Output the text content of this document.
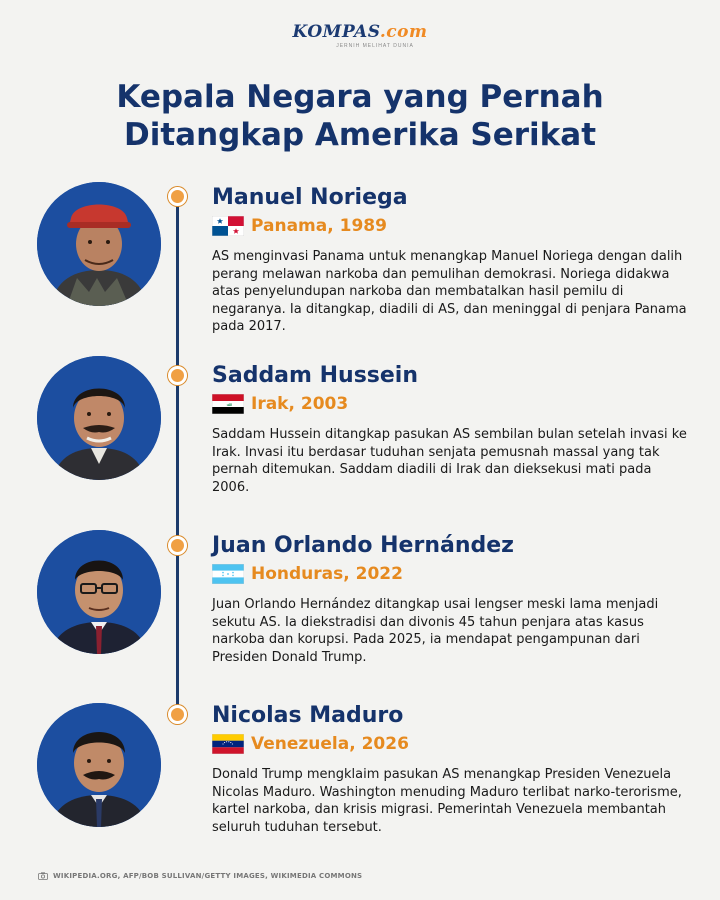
KOMPAS.com
JERNIH MELIHAT DUNIA
Kepala Negara yang Pernah
Ditangkap Amerika Serikat
Manuel Noriega
Panama, 1989
AS menginvasi Panama untuk menangkap Manuel Noriega dengan dalih perang melawan narkoba dan pemulihan demokrasi. Noriega didakwa atas penyelundupan narkoba dan membatalkan hasil pemilu di negaranya. Ia ditangkap, diadili di AS, dan meninggal di penjara Panama pada 2017.
Saddam Hussein
ﷲ Irak, 2003
Saddam Hussein ditangkap pasukan AS sembilan bulan setelah invasi ke Irak. Invasi itu berdasar tuduhan senjata pemusnah massal yang tak pernah ditemukan. Saddam diadili di Irak dan dieksekusi mati pada 2006.
Juan Orlando Hernández
Honduras, 2022
Juan Orlando Hernández ditangkap usai lengser meski lama menjadi sekutu AS. Ia diekstradisi dan divonis 45 tahun penjara atas kasus narkoba dan korupsi. Pada 2025, ia mendapat pengampunan dari Presiden Donald Trump.
Nicolas Maduro
Venezuela, 2026
Donald Trump mengklaim pasukan AS menangkap Presiden Venezuela Nicolas Maduro. Washington menuding Maduro terlibat narko-terorisme, kartel narkoba, dan krisis migrasi. Pemerintah Venezuela membantah seluruh tuduhan tersebut.
WIKIPEDIA.ORG, AFP/BOB SULLIVAN/GETTY IMAGES, WIKIMEDIA COMMONS
